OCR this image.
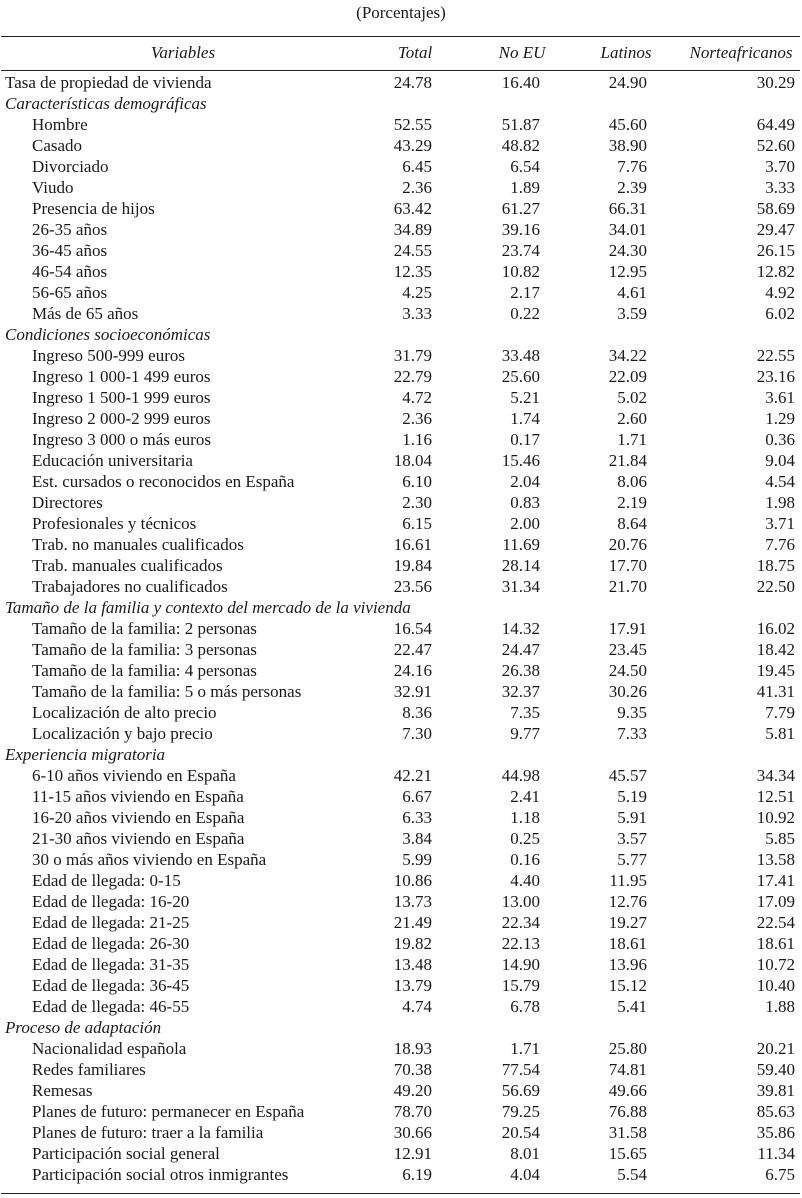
(Porcentajes)
Variables	Total	No EU	Latinos	Norteafricanos
Tasa de propiedad de vivienda	24.78	16.40	24.90	30.29
Características demográficas
Hombre	52.55	51.87	45.60	64.49
Casado	43.29	48.82	38.90	52.60
Divorciado	6.45	6.54	7.76	3.70
Viudo	2.36	1.89	2.39	3.33
Presencia de hijos	63.42	61.27	66.31	58.69
26-35 años	34.89	39.16	34.01	29.47
36-45 años	24.55	23.74	24.30	26.15
46-54 años	12.35	10.82	12.95	12.82
56-65 años	4.25	2.17	4.61	4.92
Más de 65 años	3.33	0.22	3.59	6.02
Condiciones socioeconómicas
Ingreso 500-999 euros	31.79	33.48	34.22	22.55
Ingreso 1 000-1 499 euros	22.79	25.60	22.09	23.16
Ingreso 1 500-1 999 euros	4.72	5.21	5.02	3.61
Ingreso 2 000-2 999 euros	2.36	1.74	2.60	1.29
Ingreso 3 000 o más euros	1.16	0.17	1.71	0.36
Educación universitaria	18.04	15.46	21.84	9.04
Est. cursados o reconocidos en España	6.10	2.04	8.06	4.54
Directores	2.30	0.83	2.19	1.98
Profesionales y técnicos	6.15	2.00	8.64	3.71
Trab. no manuales cualificados	16.61	11.69	20.76	7.76
Trab. manuales cualificados	19.84	28.14	17.70	18.75
Trabajadores no cualificados	23.56	31.34	21.70	22.50
Tamaño de la familia y contexto del mercado de la vivienda
Tamaño de la familia: 2 personas	16.54	14.32	17.91	16.02
Tamaño de la familia: 3 personas	22.47	24.47	23.45	18.42
Tamaño de la familia: 4 personas	24.16	26.38	24.50	19.45
Tamaño de la familia: 5 o más personas	32.91	32.37	30.26	41.31
Localización de alto precio	8.36	7.35	9.35	7.79
Localización y bajo precio	7.30	9.77	7.33	5.81
Experiencia migratoria
6-10 años viviendo en España	42.21	44.98	45.57	34.34
11-15 años viviendo en España	6.67	2.41	5.19	12.51
16-20 años viviendo en España	6.33	1.18	5.91	10.92
21-30 años viviendo en España	3.84	0.25	3.57	5.85
30 o más años viviendo en España	5.99	0.16	5.77	13.58
Edad de llegada: 0-15	10.86	4.40	11.95	17.41
Edad de llegada: 16-20	13.73	13.00	12.76	17.09
Edad de llegada: 21-25	21.49	22.34	19.27	22.54
Edad de llegada: 26-30	19.82	22.13	18.61	18.61
Edad de llegada: 31-35	13.48	14.90	13.96	10.72
Edad de llegada: 36-45	13.79	15.79	15.12	10.40
Edad de llegada: 46-55	4.74	6.78	5.41	1.88
Proceso de adaptación
Nacionalidad española	18.93	1.71	25.80	20.21
Redes familiares	70.38	77.54	74.81	59.40
Remesas	49.20	56.69	49.66	39.81
Planes de futuro: permanecer en España	78.70	79.25	76.88	85.63
Planes de futuro: traer a la familia	30.66	20.54	31.58	35.86
Participación social general	12.91	8.01	15.65	11.34
Participación social otros inmigrantes	6.19	4.04	5.54	6.75
